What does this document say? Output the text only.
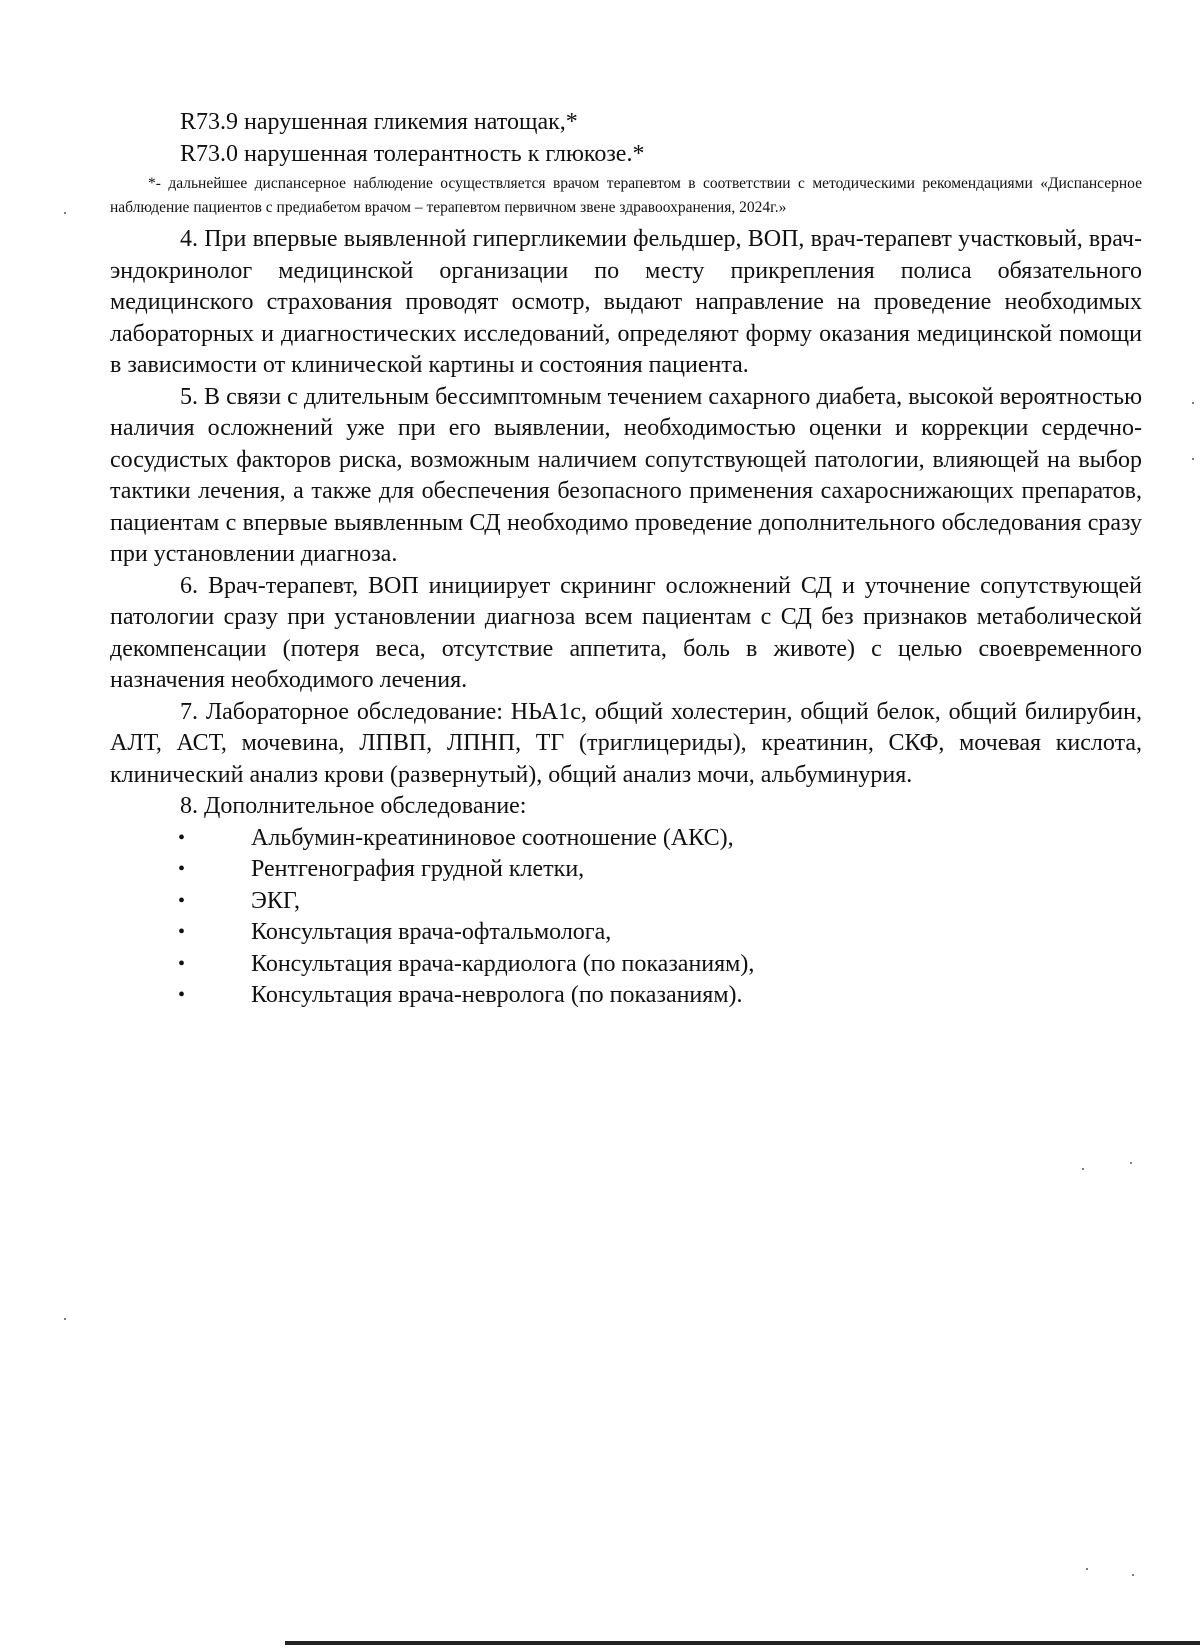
R73.9 нарушенная гликемия натощак,*
R73.0 нарушенная толерантность к глюкозе.*

*- дальнейшее диспансерное наблюдение осуществляется врачом терапевтом в соответствии с методическими рекомендациями «Диспансерное наблюдение пациентов с предиабетом врачом – терапевтом первичном звене здравоохранения, 2024г.»

4. При впервые выявленной гипергликемии фельдшер, ВОП, врач-терапевт участковый, врач-эндокринолог медицинской организации по месту прикрепления полиса обязательного медицинского страхования проводят осмотр, выдают направление на проведение необходимых лабораторных и диагностических исследований, определяют форму оказания медицинской помощи в зависимости от клинической картины и состояния пациента.

5. В связи с длительным бессимптомным течением сахарного диабета, высокой вероятностью наличия осложнений уже при его выявлении, необходимостью оценки и коррекции сердечно-сосудистых факторов риска, возможным наличием сопутствующей патологии, влияющей на выбор тактики лечения, а также для обеспечения безопасного применения сахароснижающих препаратов, пациентам с впервые выявленным СД необходимо проведение дополнительного обследования сразу при установлении диагноза.

6. Врач-терапевт, ВОП инициирует скрининг осложнений СД и уточнение сопутствующей патологии сразу при установлении диагноза всем пациентам с СД без признаков метаболической декомпенсации (потеря веса, отсутствие аппетита, боль в животе) с целью своевременного назначения необходимого лечения.

7. Лабораторное обследование: НЬА1с, общий холестерин, общий белок, общий билирубин, АЛТ, АСТ, мочевина, ЛПВП, ЛПНП, ТГ (триглицериды), креатинин, СКФ, мочевая кислота, клинический анализ крови (развернутый), общий анализ мочи, альбуминурия.

8. Дополнительное обследование:
•	Альбумин-креатининовое соотношение (АКС),
•	Рентгенография грудной клетки,
•	ЭКГ,
•	Консультация врача-офтальмолога,
•	Консультация врача-кардиолога (по показаниям),
•	Консультация врача-невролога (по показаниям).
